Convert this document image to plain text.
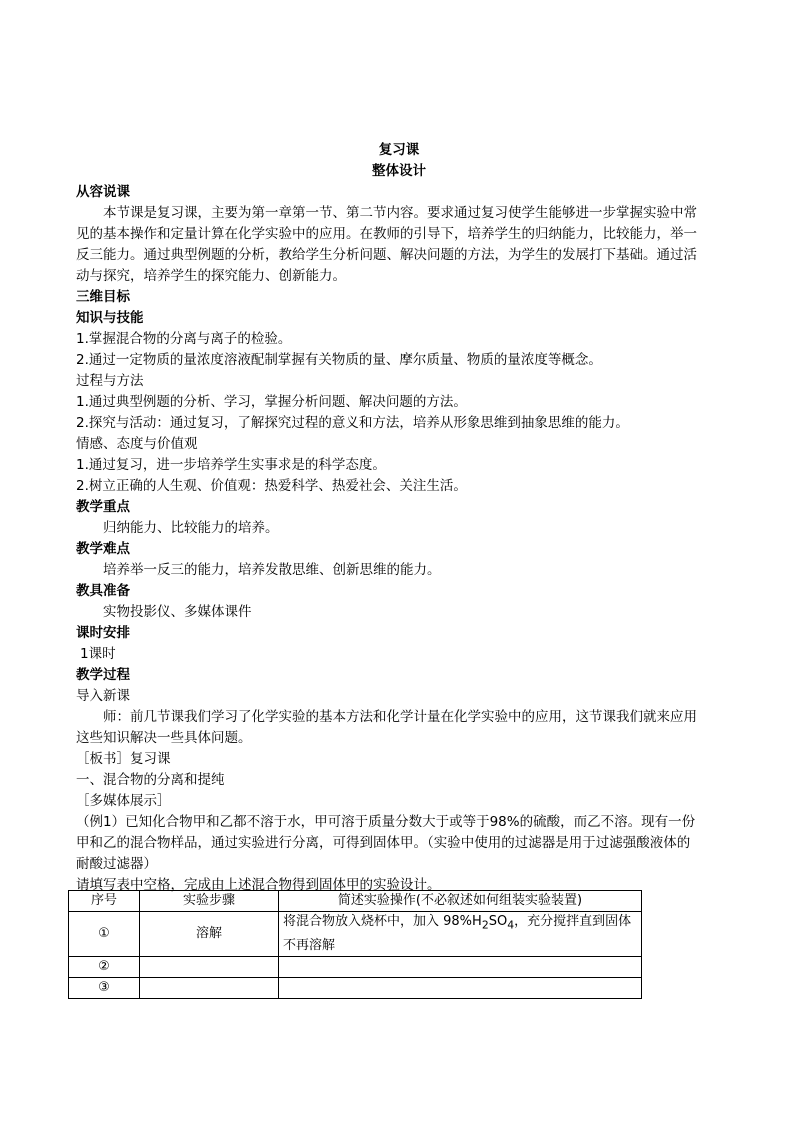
复习课
整体设计
从容说课
本节课是复习课，主要为第一章第一节、第二节内容。要求通过复习使学生能够进一步掌握实验中常
见的基本操作和定量计算在化学实验中的应用。在教师的引导下，培养学生的归纳能力，比较能力，举一
反三能力。通过典型例题的分析，教给学生分析问题、解决问题的方法，为学生的发展打下基础。通过活
动与探究，培养学生的探究能力、创新能力。
三维目标
知识与技能
1.掌握混合物的分离与离子的检验。
2.通过一定物质的量浓度溶液配制掌握有关物质的量、摩尔质量、物质的量浓度等概念。
过程与方法
1.通过典型例题的分析、学习，掌握分析问题、解决问题的方法。
2.探究与活动：通过复习，了解探究过程的意义和方法，培养从形象思维到抽象思维的能力。
情感、态度与价值观
1.通过复习，进一步培养学生实事求是的科学态度。
2.树立正确的人生观、价值观：热爱科学、热爱社会、关注生活。
教学重点
归纳能力、比较能力的培养。
教学难点
培养举一反三的能力，培养发散思维、创新思维的能力。
教具准备
实物投影仪、多媒体课件
课时安排
1课时
教学过程
导入新课
师：前几节课我们学习了化学实验的基本方法和化学计量在化学实验中的应用，这节课我们就来应用
这些知识解决一些具体问题。
［板书］复习课
一、混合物的分离和提纯
［多媒体展示］
（例1）已知化合物甲和乙都不溶于水，甲可溶于质量分数大于或等于98%的硫酸，而乙不溶。现有一份
甲和乙的混合物样品，通过实验进行分离，可得到固体甲。（实验中使用的过滤器是用于过滤强酸液体的
耐酸过滤器）
请填写表中空格，完成由上述混合物得到固体甲的实验设计。
序号	实验步骤	简述实验操作(不必叙述如何组装实验装置)
①	溶解	将混合物放入烧杯中，加入 $98\%H_2SO_4$，充分搅拌直到固体不再溶解
②		
③		
